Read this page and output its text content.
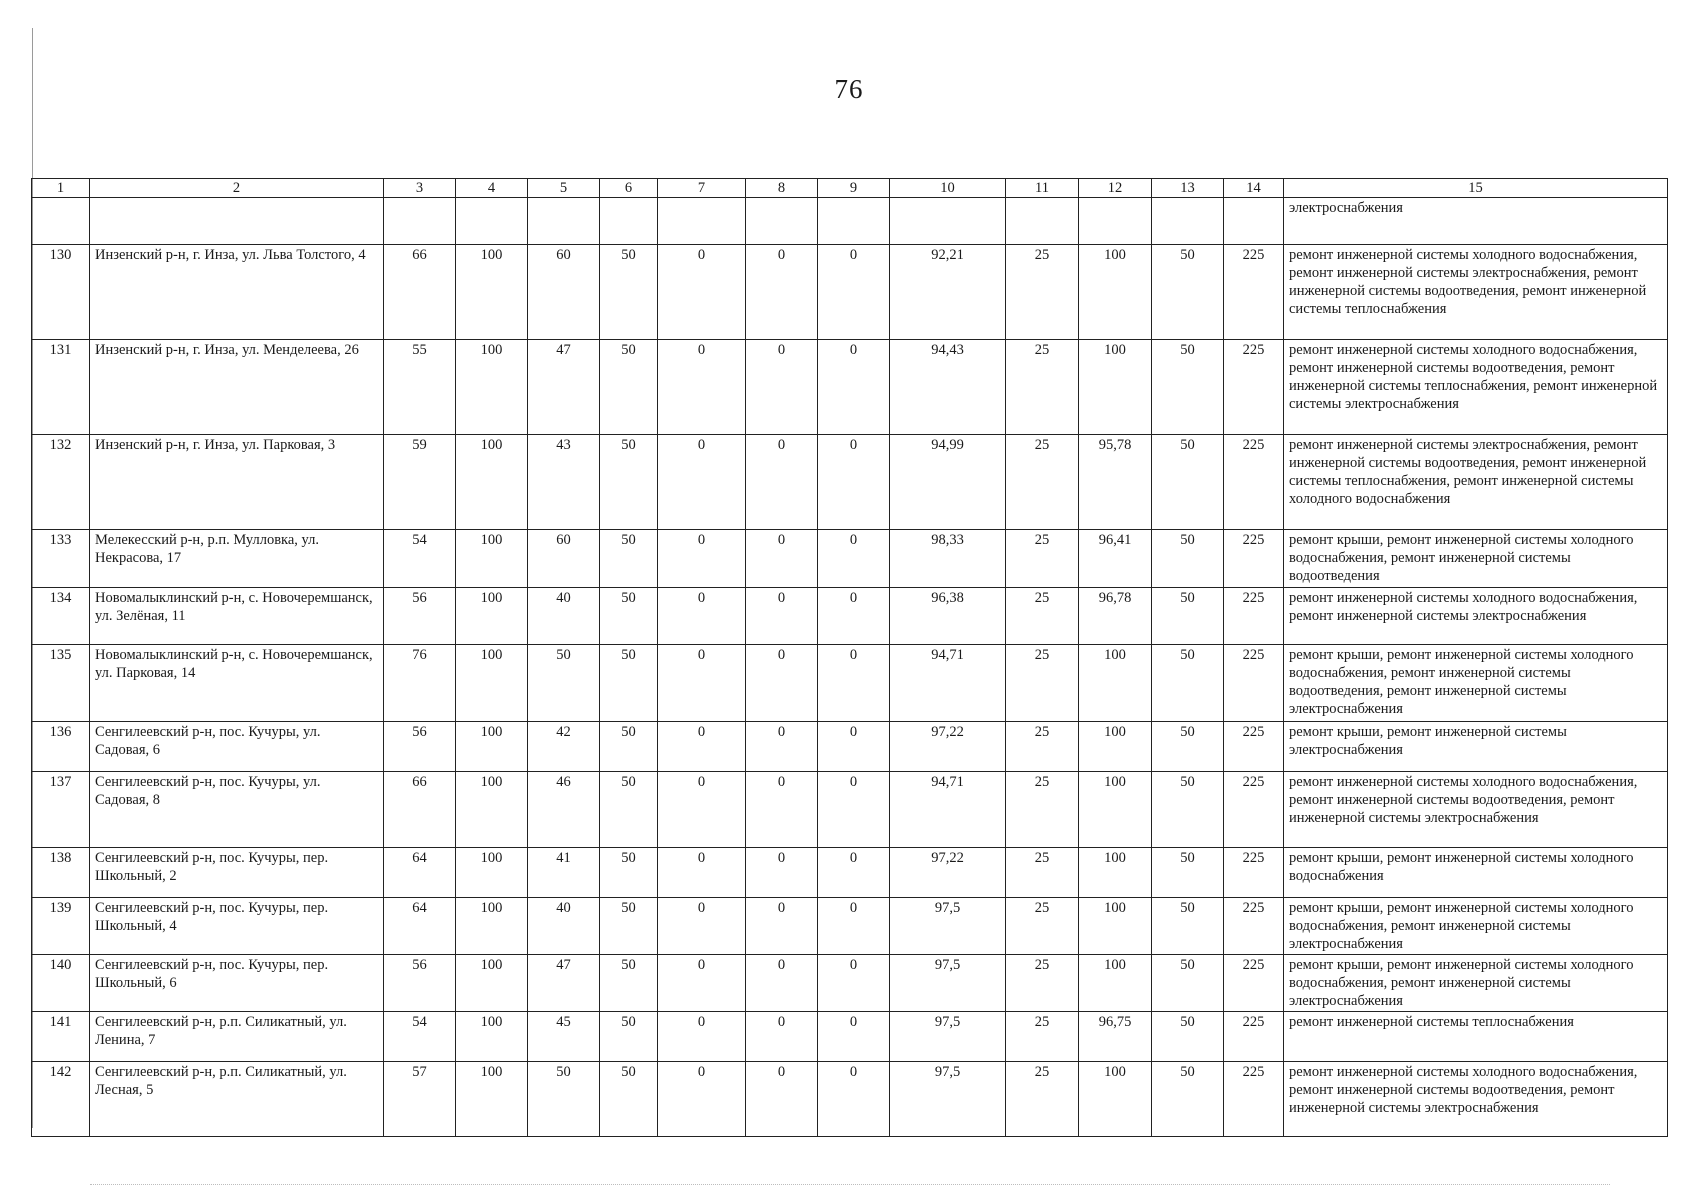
76
1	2	3	4	5	6	7	8	9	10	11	12	13	14	15
														электроснабжения
130	Инзенский р-н, г. Инза, ул. Льва Толстого, 4	66	100	60	50	0	0	0	92,21	25	100	50	225	ремонт инженерной системы холодного водоснабжения, ремонт инженерной системы электроснабжения, ремонт инженерной системы водоотведения, ремонт инженерной системы теплоснабжения
131	Инзенский р-н, г. Инза, ул. Менделеева, 26	55	100	47	50	0	0	0	94,43	25	100	50	225	ремонт инженерной системы холодного водоснабжения, ремонт инженерной системы водоотведения, ремонт инженерной системы теплоснабжения, ремонт инженерной системы электроснабжения
132	Инзенский р-н, г. Инза, ул. Парковая, 3	59	100	43	50	0	0	0	94,99	25	95,78	50	225	ремонт инженерной системы электроснабжения, ремонт инженерной системы водоотведения, ремонт инженерной системы теплоснабжения, ремонт инженерной системы холодного водоснабжения
133	Мелекесский р-н, р.п. Мулловка, ул. Некрасова, 17	54	100	60	50	0	0	0	98,33	25	96,41	50	225	ремонт крыши, ремонт инженерной системы холодного водоснабжения, ремонт инженерной системы водоотведения
134	Новомалыклинский р-н, с. Новочеремшанск, ул. Зелёная, 11	56	100	40	50	0	0	0	96,38	25	96,78	50	225	ремонт инженерной системы холодного водоснабжения, ремонт инженерной системы электроснабжения
135	Новомалыклинский р-н, с. Новочеремшанск, ул. Парковая, 14	76	100	50	50	0	0	0	94,71	25	100	50	225	ремонт крыши, ремонт инженерной системы холодного водоснабжения, ремонт инженерной системы водоотведения, ремонт инженерной системы электроснабжения
136	Сенгилеевский р-н, пос. Кучуры, ул. Садовая, 6	56	100	42	50	0	0	0	97,22	25	100	50	225	ремонт крыши, ремонт инженерной системы электроснабжения
137	Сенгилеевский р-н, пос. Кучуры, ул. Садовая, 8	66	100	46	50	0	0	0	94,71	25	100	50	225	ремонт инженерной системы холодного водоснабжения, ремонт инженерной системы водоотведения, ремонт инженерной системы электроснабжения
138	Сенгилеевский р-н, пос. Кучуры, пер. Школьный, 2	64	100	41	50	0	0	0	97,22	25	100	50	225	ремонт крыши, ремонт инженерной системы холодного водоснабжения
139	Сенгилеевский р-н, пос. Кучуры, пер. Школьный, 4	64	100	40	50	0	0	0	97,5	25	100	50	225	ремонт крыши, ремонт инженерной системы холодного водоснабжения, ремонт инженерной системы электроснабжения
140	Сенгилеевский р-н, пос. Кучуры, пер. Школьный, 6	56	100	47	50	0	0	0	97,5	25	100	50	225	ремонт крыши, ремонт инженерной системы холодного водоснабжения, ремонт инженерной системы электроснабжения
141	Сенгилеевский р-н, р.п. Силикатный, ул. Ленина, 7	54	100	45	50	0	0	0	97,5	25	96,75	50	225	ремонт инженерной системы теплоснабжения
142	Сенгилеевский р-н, р.п. Силикатный, ул. Лесная, 5	57	100	50	50	0	0	0	97,5	25	100	50	225	ремонт инженерной системы холодного водоснабжения, ремонт инженерной системы водоотведения, ремонт инженерной системы электроснабжения
